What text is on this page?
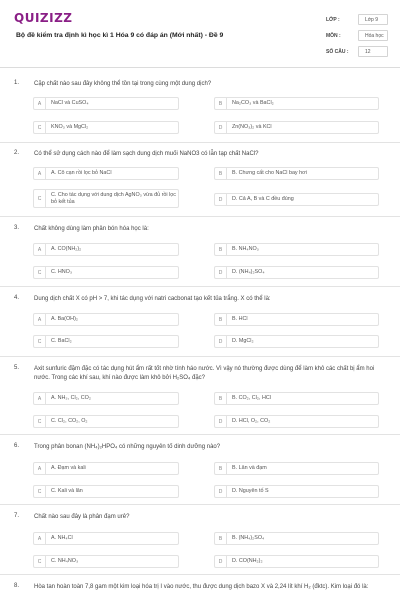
QUIZIZZ
Bộ đề kiểm tra định kì học kì 1 Hóa 9 có đáp án (Mới nhất) - Đề 9
LỚP :	Lớp 9
MÔN :	Hóa học
SỐ CÂU :	12
1. Cặp chất nào sau đây không thể tồn tại trong cùng một dung dịch?
A	NaCl và CuSO₄	B	Na₂CO₃ và BaCl₂
C	KNO₃ và MgCl₂	D	Zn(NO₃)₂ và KCl
2. Có thể sử dụng cách nào để làm sạch dung dịch muối NaNO3 có lẫn tạp chất NaCl?
A	A. Cô cạn rồi lọc bỏ NaCl	B	B. Chưng cất cho NaCl bay hơi
C
C. Cho tác dụng với dung dịch AgNO₃ vừa đủ rồi lọc bỏ kết tủa	D	D. Cả A, B và C đều đúng
3. Chất không dùng làm phân bón hóa học là:
A	A. CO(NH₂)₂	B	B. NH₄NO₃
C	C. HNO₃	D	D. (NH₄)₂SO₄
4. Dung dịch chất X có pH > 7, khi tác dụng với natri cacbonat tạo kết tủa trắng. X có thể là:
A	A. Ba(OH)₂	B	B. HCl
C	C. BaCl₂	D	D. MgCl₂
5. Axit sunfuric đặm đặc có tác dụng hút ẩm rất tốt nhờ tính háo nước. Vì vậy nó thường được dùng để làm khô các chất bị ẩm hoi nước. Trong các khí sau, khí nào được làm khô bởi H₂SO₄ đặc?
A	A. NH₃, Cl₂, CO₂	B	B. CO₂, Cl₂, HCl
C	C. Cl₂, CO₂, O₂	D	D. HCl, O₂, CO₂
6. Trong phân bonan (NH₄)₂HPO₄ có những nguyên tố dinh dưỡng nào?
A	A. Đạm và kali	B	B. Lân và đạm
C	C. Kali và lân	D	D. Nguyên tố S
7. Chất nào sau đây là phân đạm urê?
A	A. NH₄Cl	B	B. (NH₄)₂SO₄
C	C. NH₄NO₃	D	D. CO(NH₂)₂
8. Hòa tan hoàn toàn 7,8 gam một kim loại hóa trị I vào nước, thu được dung dịch bazo X và 2,24 lít khí H₂ (đktc). Kim loại đó là:
